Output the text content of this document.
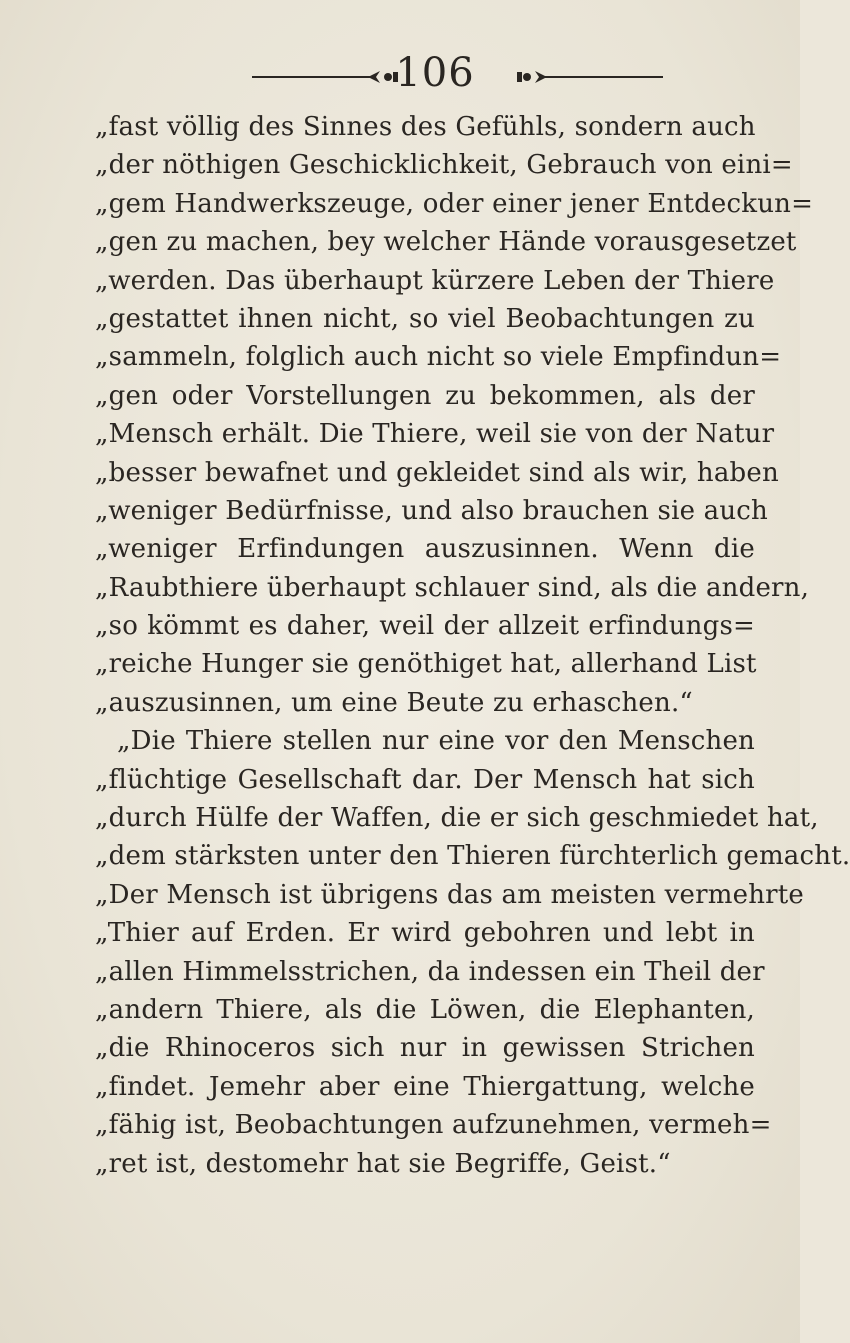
106
„fast völlig des Sinnes des Gefühls, sondern auch
„der nöthigen Geschicklichkeit, Gebrauch von eini=
„gem Handwerkszeuge, oder einer jener Entdeckun=
„gen zu machen, bey welcher Hände vorausgesetzet
„werden. Das überhaupt kürzere Leben der Thiere
„gestattet ihnen nicht, so viel Beobachtungen zu
„sammeln, folglich auch nicht so viele Empfindun=
„gen oder Vorstellungen zu bekommen, als der
„Mensch erhält. Die Thiere, weil sie von der Natur
„besser bewafnet und gekleidet sind als wir, haben
„weniger Bedürfnisse, und also brauchen sie auch
„weniger Erfindungen auszusinnen. Wenn die
„Raubthiere überhaupt schlauer sind, als die andern,
„so kömmt es daher, weil der allzeit erfindungs=
„reiche Hunger sie genöthiget hat, allerhand List
„auszusinnen, um eine Beute zu erhaschen.“
„Die Thiere stellen nur eine vor den Menschen
„flüchtige Gesellschaft dar. Der Mensch hat sich
„durch Hülfe der Waffen, die er sich geschmiedet hat,
„dem stärksten unter den Thieren fürchterlich gemacht.
„Der Mensch ist übrigens das am meisten vermehrte
„Thier auf Erden. Er wird gebohren und lebt in
„allen Himmelsstrichen, da indessen ein Theil der
„andern Thiere, als die Löwen, die Elephanten,
„die Rhinoceros sich nur in gewissen Strichen
„findet. Jemehr aber eine Thiergattung, welche
„fähig ist, Beobachtungen aufzunehmen, vermeh=
„ret ist, destomehr hat sie Begriffe, Geist.“
